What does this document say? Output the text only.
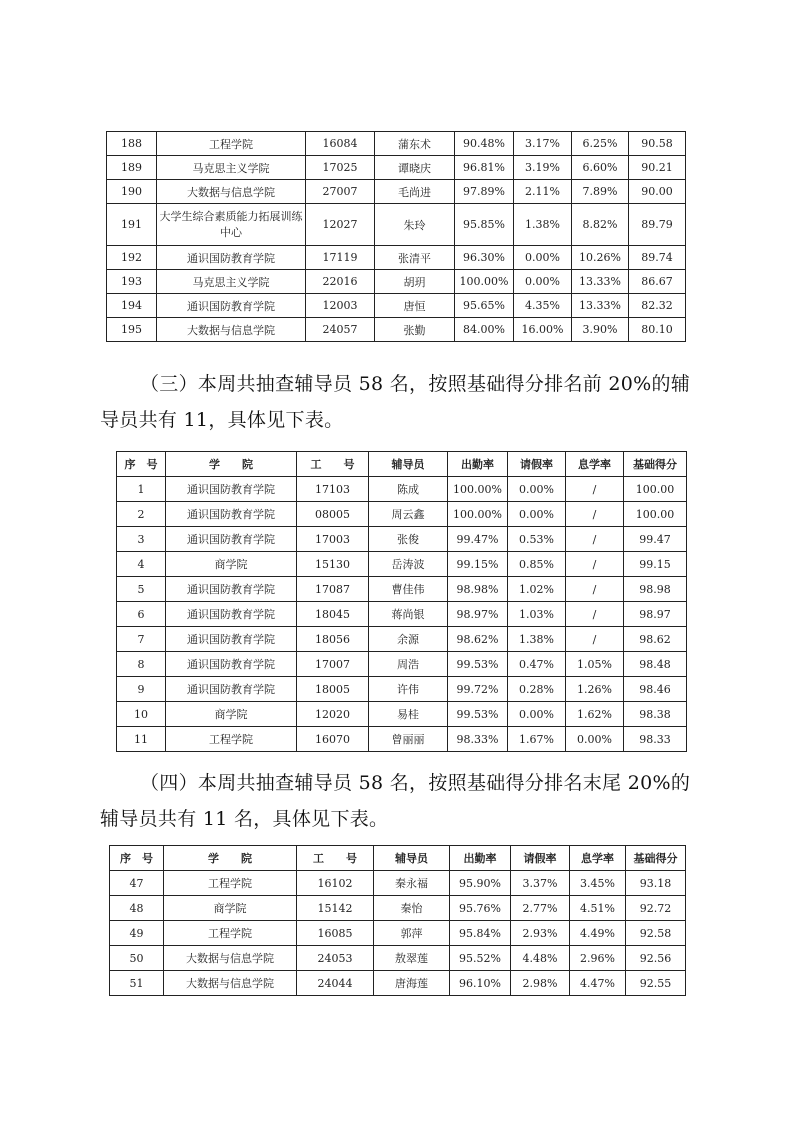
188	工程学院	16084	蒲东术	90.48%	3.17%	6.25%	90.58
189	马克思主义学院	17025	谭晓庆	96.81%	3.19%	6.60%	90.21
190	大数据与信息学院	27007	毛尚进	97.89%	2.11%	7.89%	90.00
191	大学生综合素质能力拓展训练中心	12027	朱玲	95.85%	1.38%	8.82%	89.79
192	通识国防教育学院	17119	张清平	96.30%	0.00%	10.26%	89.74
193	马克思主义学院	22016	胡玥	100.00%	0.00%	13.33%	86.67
194	通识国防教育学院	12003	唐恒	95.65%	4.35%	13.33%	82.32
195	大数据与信息学院	24057	张勤	84.00%	16.00%	3.90%	80.10

（三）本周共抽查辅导员 58 名，按照基础得分排名前 20%的辅导员共有 11，具体见下表。

序　号	学　　院	工　　号	辅导员	出勤率	请假率	息学率	基础得分
1	通识国防教育学院	17103	陈成	100.00%	0.00%	/	100.00
2	通识国防教育学院	08005	周云鑫	100.00%	0.00%	/	100.00
3	通识国防教育学院	17003	张俊	99.47%	0.53%	/	99.47
4	商学院	15130	岳涛波	99.15%	0.85%	/	99.15
5	通识国防教育学院	17087	曹佳伟	98.98%	1.02%	/	98.98
6	通识国防教育学院	18045	蒋尚银	98.97%	1.03%	/	98.97
7	通识国防教育学院	18056	余源	98.62%	1.38%	/	98.62
8	通识国防教育学院	17007	周浩	99.53%	0.47%	1.05%	98.48
9	通识国防教育学院	18005	许伟	99.72%	0.28%	1.26%	98.46
10	商学院	12020	易桂	99.53%	0.00%	1.62%	98.38
11	工程学院	16070	曾丽丽	98.33%	1.67%	0.00%	98.33

（四）本周共抽查辅导员 58 名，按照基础得分排名末尾 20%的辅导员共有 11 名，具体见下表。

序　号	学　　院	工　　号	辅导员	出勤率	请假率	息学率	基础得分
47	工程学院	16102	秦永福	95.90%	3.37%	3.45%	93.18
48	商学院	15142	秦怡	95.76%	2.77%	4.51%	92.72
49	工程学院	16085	郭萍	95.84%	2.93%	4.49%	92.58
50	大数据与信息学院	24053	敖翠莲	95.52%	4.48%	2.96%	92.56
51	大数据与信息学院	24044	唐海莲	96.10%	2.98%	4.47%	92.55
